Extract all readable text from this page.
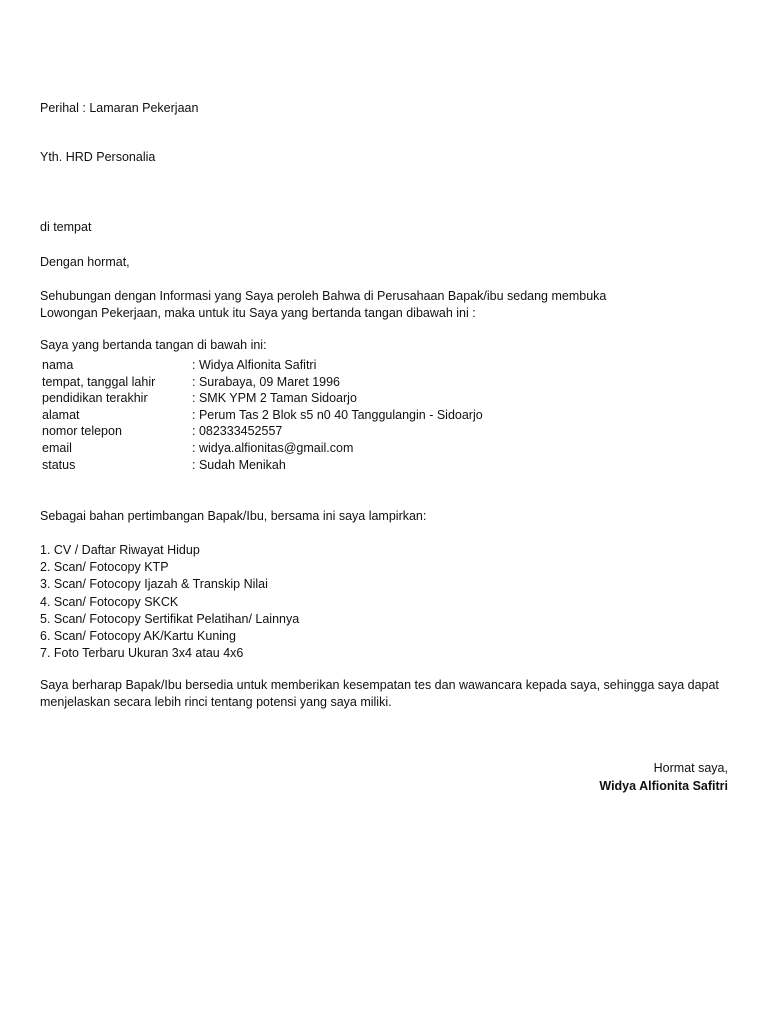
Perihal : Lamaran Pekerjaan
Yth. HRD Personalia
di tempat
Dengan hormat,
Sehubungan dengan Informasi yang Saya peroleh Bahwa di Perusahaan Bapak/ibu sedang membuka
Lowongan Pekerjaan, maka untuk itu Saya yang bertanda tangan dibawah ini :
Saya yang bertanda tangan di bawah ini:
nama	: Widya Alfionita Safitri
tempat, tanggal lahir	: Surabaya, 09 Maret 1996
pendidikan terakhir	: SMK YPM 2 Taman Sidoarjo
alamat	: Perum Tas 2 Blok s5 n0 40 Tanggulangin - Sidoarjo
nomor telepon	: 082333452557
email	: widya.alfionitas@gmail.com
status	: Sudah Menikah
Sebagai bahan pertimbangan Bapak/Ibu, bersama ini saya lampirkan:
1. CV / Daftar Riwayat Hidup
2. Scan/ Fotocopy KTP
3. Scan/ Fotocopy Ijazah & Transkip Nilai
4. Scan/ Fotocopy SKCK
5. Scan/ Fotocopy Sertifikat Pelatihan/ Lainnya
6. Scan/ Fotocopy AK/Kartu Kuning
7. Foto Terbaru Ukuran 3x4 atau 4x6
Saya berharap Bapak/Ibu bersedia untuk memberikan kesempatan tes dan wawancara kepada saya, sehingga saya dapat
menjelaskan secara lebih rinci tentang potensi yang saya miliki.
Hormat saya,
Widya Alfionita Safitri
